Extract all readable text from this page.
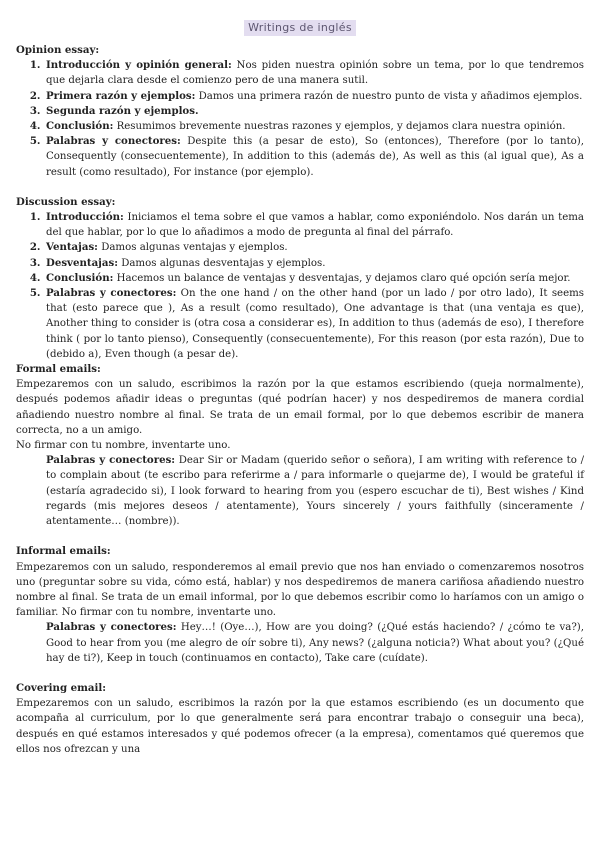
Writings de inglés
Opinion essay:
1. Introducción y opinión general: Nos piden nuestra opinión sobre un tema, por lo que tendremos que dejarla clara desde el comienzo pero de una manera sutil.
2. Primera razón y ejemplos: Damos una primera razón de nuestro punto de vista y añadimos ejemplos.
3. Segunda razón y ejemplos.
4. Conclusión: Resumimos brevemente nuestras razones y ejemplos, y dejamos clara nuestra opinión.
5. Palabras y conectores: Despite this (a pesar de esto), So (entonces), Therefore (por lo tanto), Consequently (consecuentemente), In addition to this (además de), As well as this (al igual que), As a result (como resultado), For instance (por ejemplo).
Discussion essay:
1. Introducción: Iniciamos el tema sobre el que vamos a hablar, como exponiéndolo. Nos darán un tema del que hablar, por lo que lo añadimos a modo de pregunta al final del párrafo.
2. Ventajas: Damos algunas ventajas y ejemplos.
3. Desventajas: Damos algunas desventajas y ejemplos.
4. Conclusión: Hacemos un balance de ventajas y desventajas, y dejamos claro qué opción sería mejor.
5. Palabras y conectores: On the one hand / on the other hand (por un lado / por otro lado), It seems that (esto parece que ), As a result (como resultado), One advantage is that (una ventaja es que), Another thing to consider is (otra cosa a considerar es), In addition to thus (además de eso), I therefore think ( por lo tanto pienso), Consequently (consecuentemente), For this reason (por esta razón), Due to (debido a), Even though (a pesar de).
Formal emails:

Empezaremos con un saludo, escribimos la razón por la que estamos escribiendo (queja normalmente), después podemos añadir ideas o preguntas (qué podrían hacer) y nos despediremos de manera cordial añadiendo nuestro nombre al final. Se trata de un email formal, por lo que debemos escribir de manera correcta, no a un amigo.

No firmar con tu nombre, inventarte uno.

Palabras y conectores: Dear Sir or Madam (querido señor o señora), I am writing with reference to / to complain about (te escribo para referirme a / para informarle o quejarme de), I would be grateful if (estaría agradecido si), I look forward to hearing from you (espero escuchar de ti), Best wishes / Kind regards (mis mejores deseos / atentamente), Yours sincerely / yours faithfully (sinceramente / atentamente… (nombre)).

Informal emails:

Empezaremos con un saludo, responderemos al email previo que nos han enviado o comenzaremos nosotros uno (preguntar sobre su vida, cómo está, hablar) y nos despediremos de manera cariñosa añadiendo nuestro nombre al final. Se trata de un email informal, por lo que debemos escribir como lo haríamos con un amigo o familiar. No firmar con tu nombre, inventarte uno.

Palabras y conectores: Hey…! (Oye…), How are you doing? (¿Qué estás haciendo? / ¿cómo te va?), Good to hear from you (me alegro de oír sobre ti), Any news? (¿alguna noticia?) What about you? (¿Qué hay de ti?), Keep in touch (continuamos en contacto), Take care (cuídate).

Covering email:

Empezaremos con un saludo, escribimos la razón por la que estamos escribiendo (es un documento que acompaña al curriculum, por lo que generalmente será para encontrar trabajo o conseguir una beca), después en qué estamos interesados y qué podemos ofrecer (a la empresa), comentamos qué queremos que ellos nos ofrezcan y una
